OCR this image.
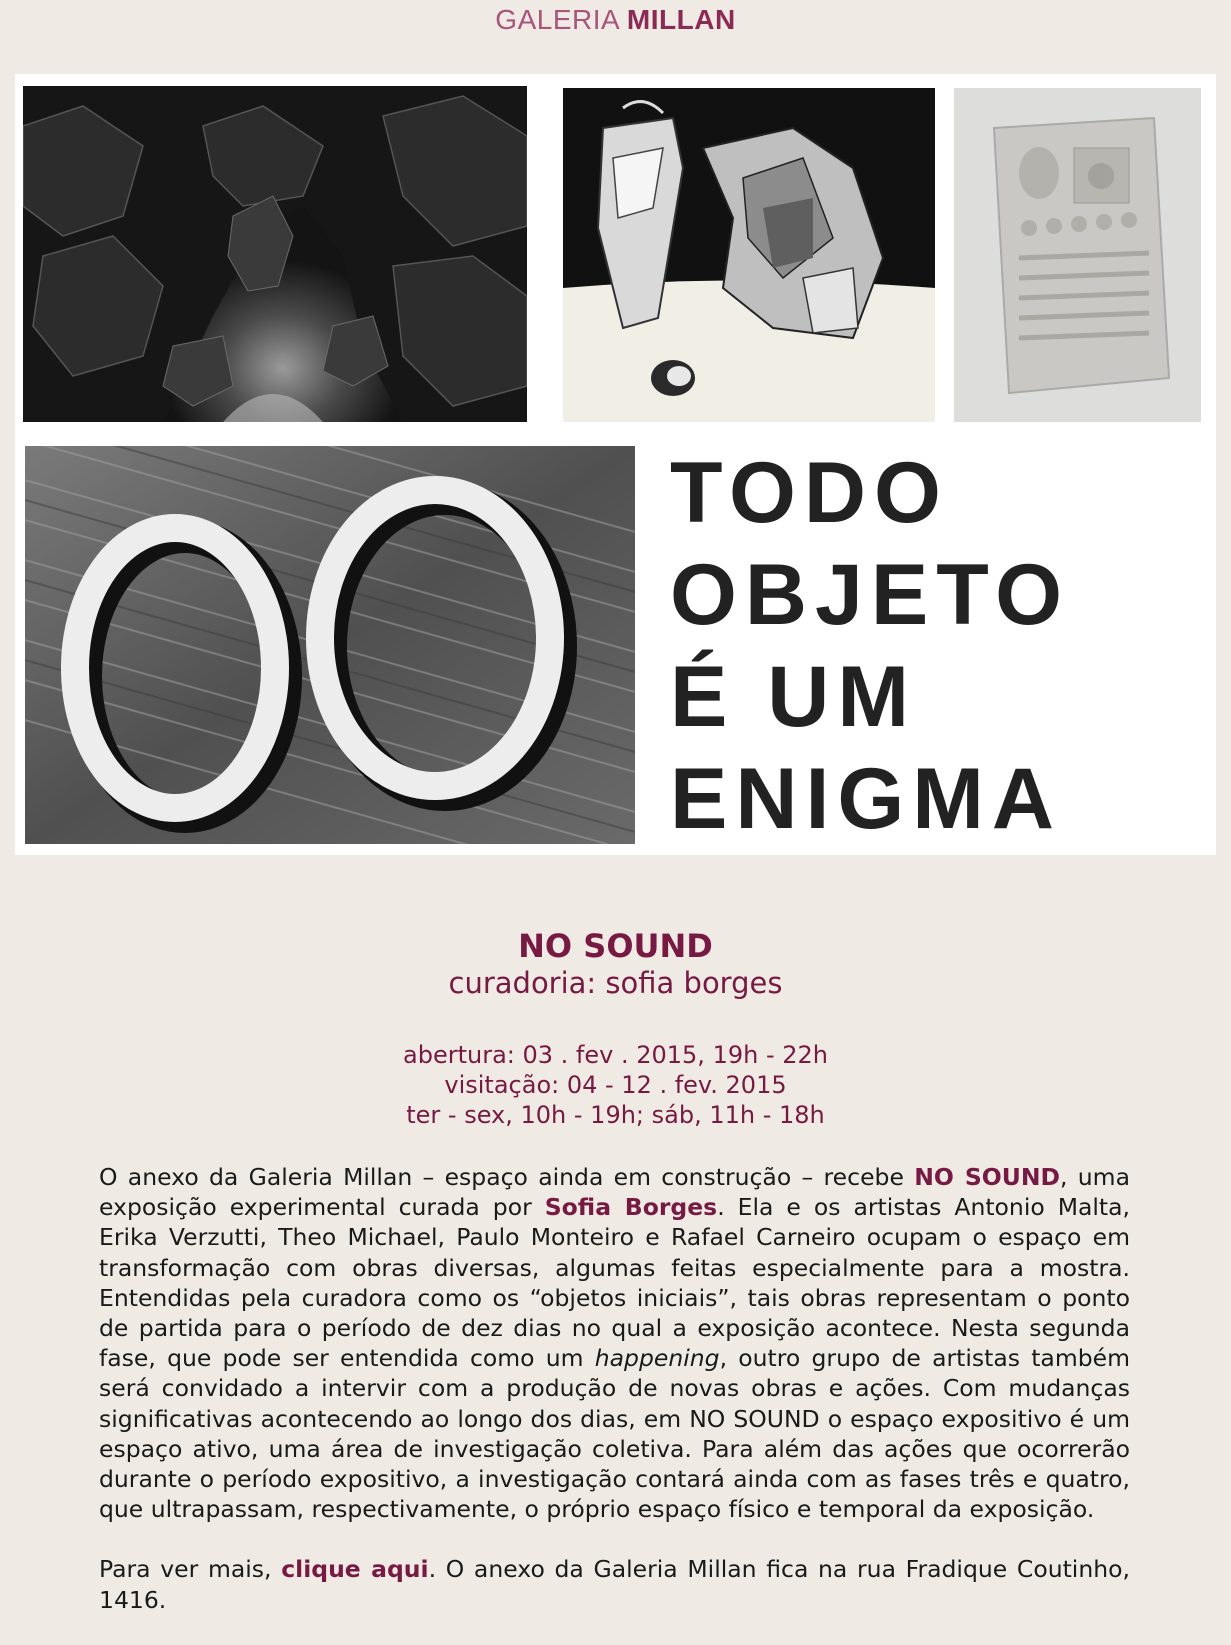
GALERIA MILLAN
TODO
OBJETO
É UM
ENIGMA
NO SOUND
curadoria: sofia borges
abertura: 03 . fev . 2015, 19h - 22h
visitação: 04 - 12 . fev. 2015
ter - sex, 10h - 19h; sáb, 11h - 18h

O anexo da Galeria Millan – espaço ainda em construção – recebe NO SOUND, uma exposição experimental curada por Sofia Borges. Ela e os artistas Antonio Malta, Erika Verzutti, Theo Michael, Paulo Monteiro e Rafael Carneiro ocupam o espaço em transformação com obras diversas, algumas feitas especialmente para a mostra. Entendidas pela curadora como os “objetos iniciais”, tais obras representam o ponto de partida para o período de dez dias no qual a exposição acontece. Nesta segunda fase, que pode ser entendida como um happening, outro grupo de artistas também será convidado a intervir com a produção de novas obras e ações. Com mudanças significativas acontecendo ao longo dos dias, em NO SOUND o espaço expositivo é um espaço ativo, uma área de investigação coletiva. Para além das ações que ocorrerão durante o período expositivo, a investigação contará ainda com as fases três e quatro, que ultrapassam, respectivamente, o próprio espaço físico e temporal da exposição.

Para ver mais, clique aqui. O anexo da Galeria Millan fica na rua Fradique Coutinho, 1416.
